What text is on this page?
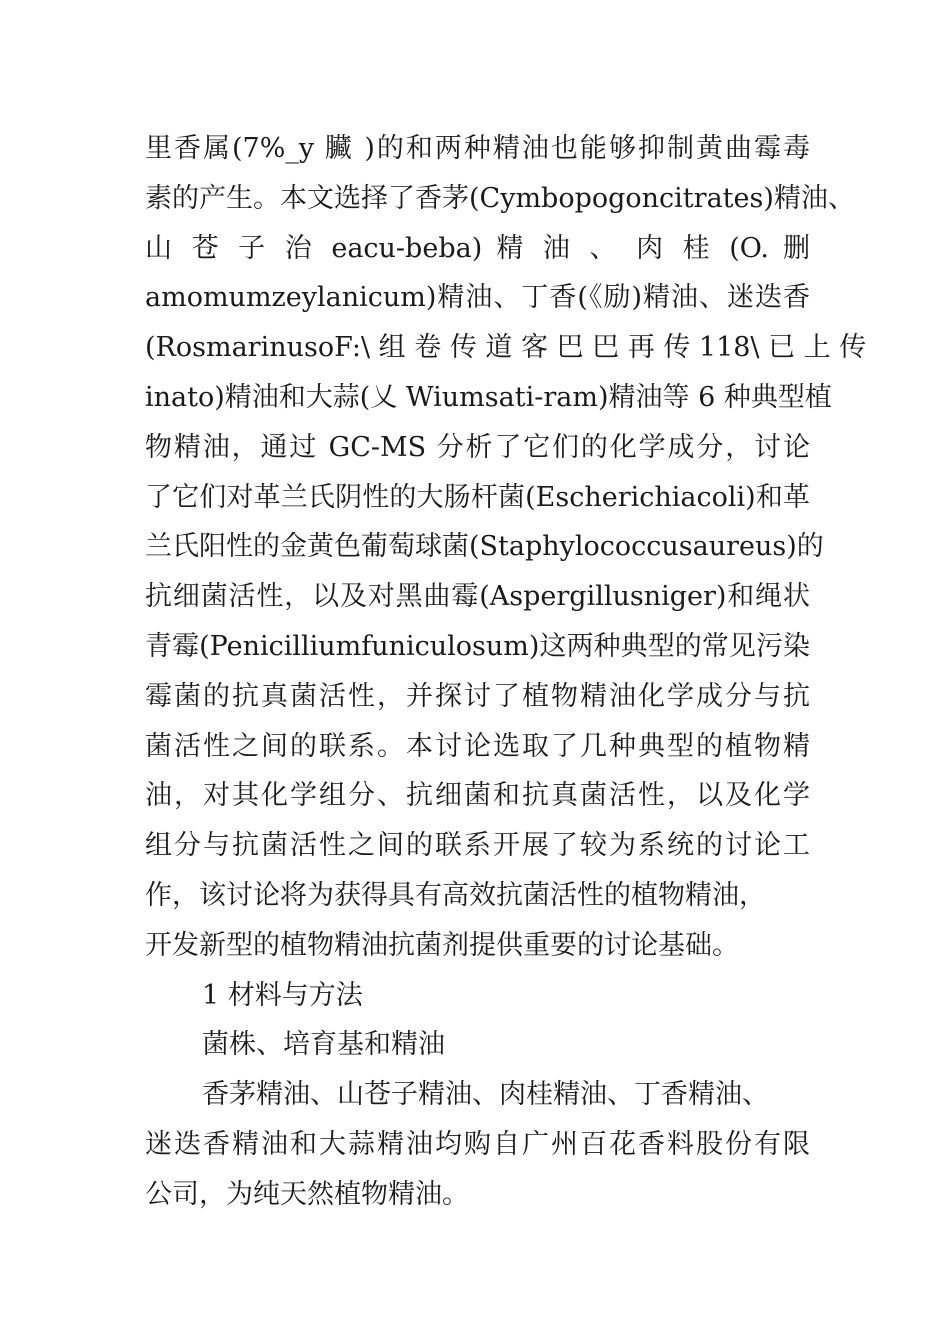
里香属(7%_y 臟 )的和两种精油也能够抑制黄曲霉毒
素的产生。本文选择了香茅(Cymbopogoncitrates)精油、
山 苍 子 治 eacu-beba) 精 油 、 肉 桂 (O. 删
amomumzeylanicum)精油、丁香(《励)精油、迷迭香
(RosmarinusoF:\ 组 卷 传 道 客 巴 巴 再 传 118\ 已 上 传
inato)精油和大蒜(乂 Wiumsati-ram)精油等 6 种典型植
物精油，通过 GC-MS 分析了它们的化学成分，讨论
了它们对革兰氏阴性的大肠杆菌(Escherichiacoli)和革
兰氏阳性的金黄色葡萄球菌(Staphylococcusaureus)的
抗细菌活性，以及对黑曲霉(Aspergillusniger)和绳状
青霉(Penicilliumfuniculosum)这两种典型的常见污染
霉菌的抗真菌活性，并探讨了植物精油化学成分与抗
菌活性之间的联系。本讨论选取了几种典型的植物精
油，对其化学组分、抗细菌和抗真菌活性，以及化学
组分与抗菌活性之间的联系开展了较为系统的讨论工
作，该讨论将为获得具有高效抗菌活性的植物精油，
开发新型的植物精油抗菌剂提供重要的讨论基础。
1 材料与方法
菌株、培育基和精油
香茅精油、山苍子精油、肉桂精油、丁香精油、
迷迭香精油和大蒜精油均购自广州百花香料股份有限
公司，为纯天然植物精油。
